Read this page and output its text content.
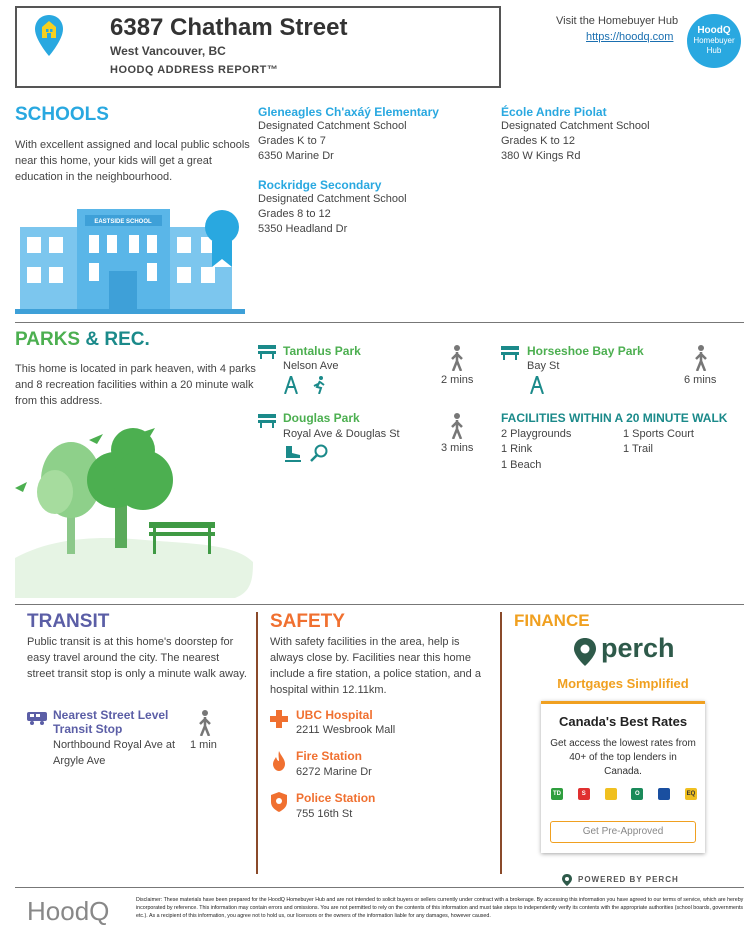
6387 Chatham Street
West Vancouver, BC
HOODQ ADDRESS REPORT™
Visit the Homebuyer Hub
https://hoodq.com
HoodQ
Homebuyer Hub
SCHOOLS
With excellent assigned and local public schools near this home, your kids will get a great education in the neighbourhood.
EASTSIDE SCHOOL
Gleneagles Ch'axáý Elementary
Designated Catchment School
Grades K to 7
6350 Marine Dr
École Andre Piolat
Designated Catchment School
Grades K to 12
380 W Kings Rd
Rockridge Secondary
Designated Catchment School
Grades 8 to 12
5350 Headland Dr
PARKS & REC.
This home is located in park heaven, with 4 parks and 8 recreation facilities within a 20 minute walk from this address.
Tantalus Park
Nelson Ave

2 mins
Horseshoe Bay Park
Bay St
6 mins
Douglas Park
Royal Ave & Douglas St

3 mins
FACILITIES WITHIN A 20 MINUTE WALK
2 Playgrounds	1 Sports Court
1 Rink	1 Trail
1 Beach
TRANSIT
Public transit is at this home's doorstep for easy travel around the city. The nearest street transit stop is only a minute walk away.
Nearest Street Level
Transit Stop
Northbound Royal Ave at
Argyle Ave
1 min
SAFETY
With safety facilities in the area, help is always close by. Facilities near this home include a fire station, a police station, and a hospital within 12.11km.
UBC Hospital
2211 Wesbrook Mall
Fire Station
6272 Marine Dr
Police Station
755 16th St
FINANCE
perch
Mortgages Simplified
Canada's Best Rates
Get access the lowest rates from 40+ of the top lenders in Canada.
TD	S	O	EQ
Get Pre-Approved
POWERED BY PERCH
HoodQ	Disclaimer: These materials have been prepared for the HoodQ Homebuyer Hub and are not intended to solicit buyers or sellers currently under contract with a brokerage. By accessing this information you have agreed to our terms of service, which are hereby incorporated by reference. This information may contain errors and omissions. You are not permitted to rely on the contents of this information and must take steps to independently verify its contents with the appropriate authorities (school boards, governments etc.). As a recipient of this information, you agree not to hold us, our licensors or the owners of the information liable for any damages, however caused.
